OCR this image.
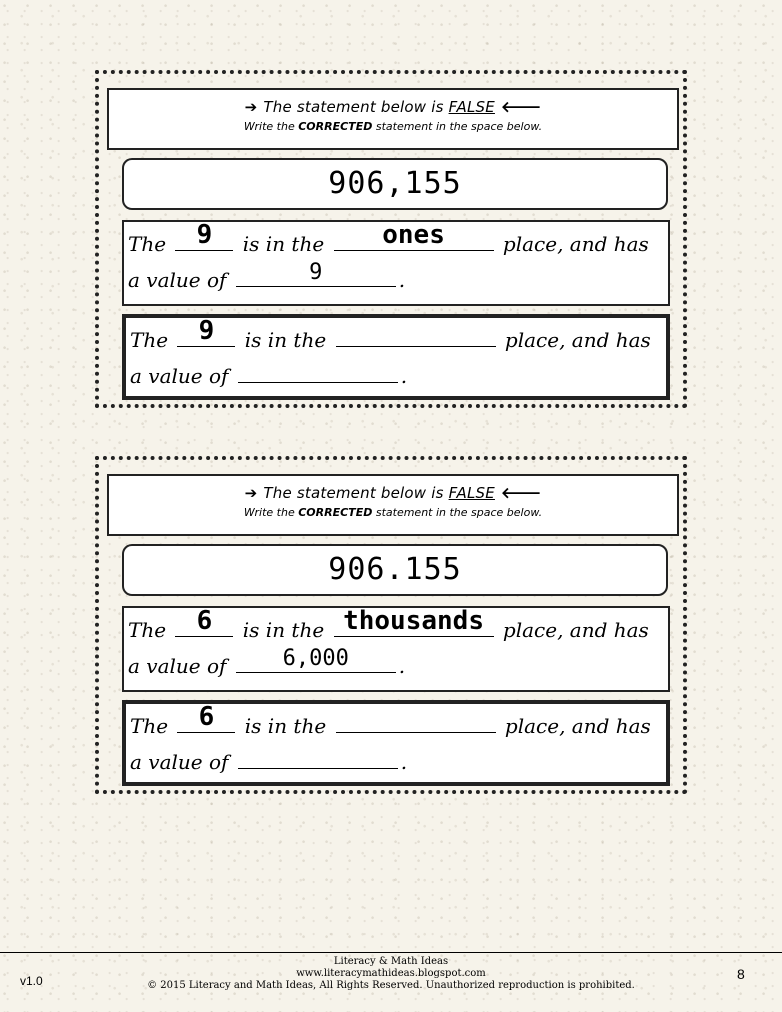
➔ The statement below is FALSE 🡐
Write the CORRECTED statement in the space below.
906,155
The	9	is in the	ones	place, and has
a value of	9	.
The	9	is in the	place, and has
a value of	.
➔ The statement below is FALSE 🡐
Write the CORRECTED statement in the space below.
906.155
The	6	is in the thousands place, and has
a value of	6,000	.
The	6	is in the	place, and has
a value of	.
Literacy & Math Ideas
www.literacymathideas.blogspot.com
© 2015 Literacy and Math Ideas, All Rights Reserved. Unauthorized reproduction is prohibited.
v1.0	8
